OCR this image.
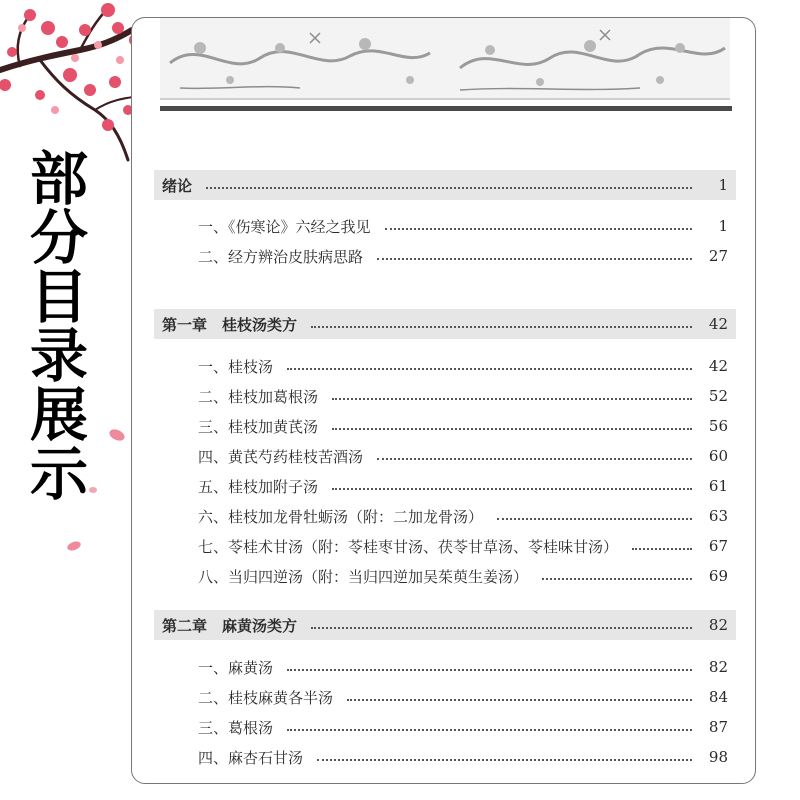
部
分
目
录
展
示
绪论	1
一、《伤寒论》六经之我见	1
二、经方辨治皮肤病思路	27
第一章　桂枝汤类方	42
一、桂枝汤	42
二、桂枝加葛根汤	52
三、桂枝加黄芪汤	56
四、黄芪芍药桂枝苦酒汤	60
五、桂枝加附子汤	61
六、桂枝加龙骨牡蛎汤（附：二加龙骨汤）	63
七、苓桂术甘汤（附：苓桂枣甘汤、茯苓甘草汤、苓桂味甘汤）	67
八、当归四逆汤（附：当归四逆加吴茱萸生姜汤）	69
第二章　麻黄汤类方	82
一、麻黄汤	82
二、桂枝麻黄各半汤	84
三、葛根汤	87
四、麻杏石甘汤	98
